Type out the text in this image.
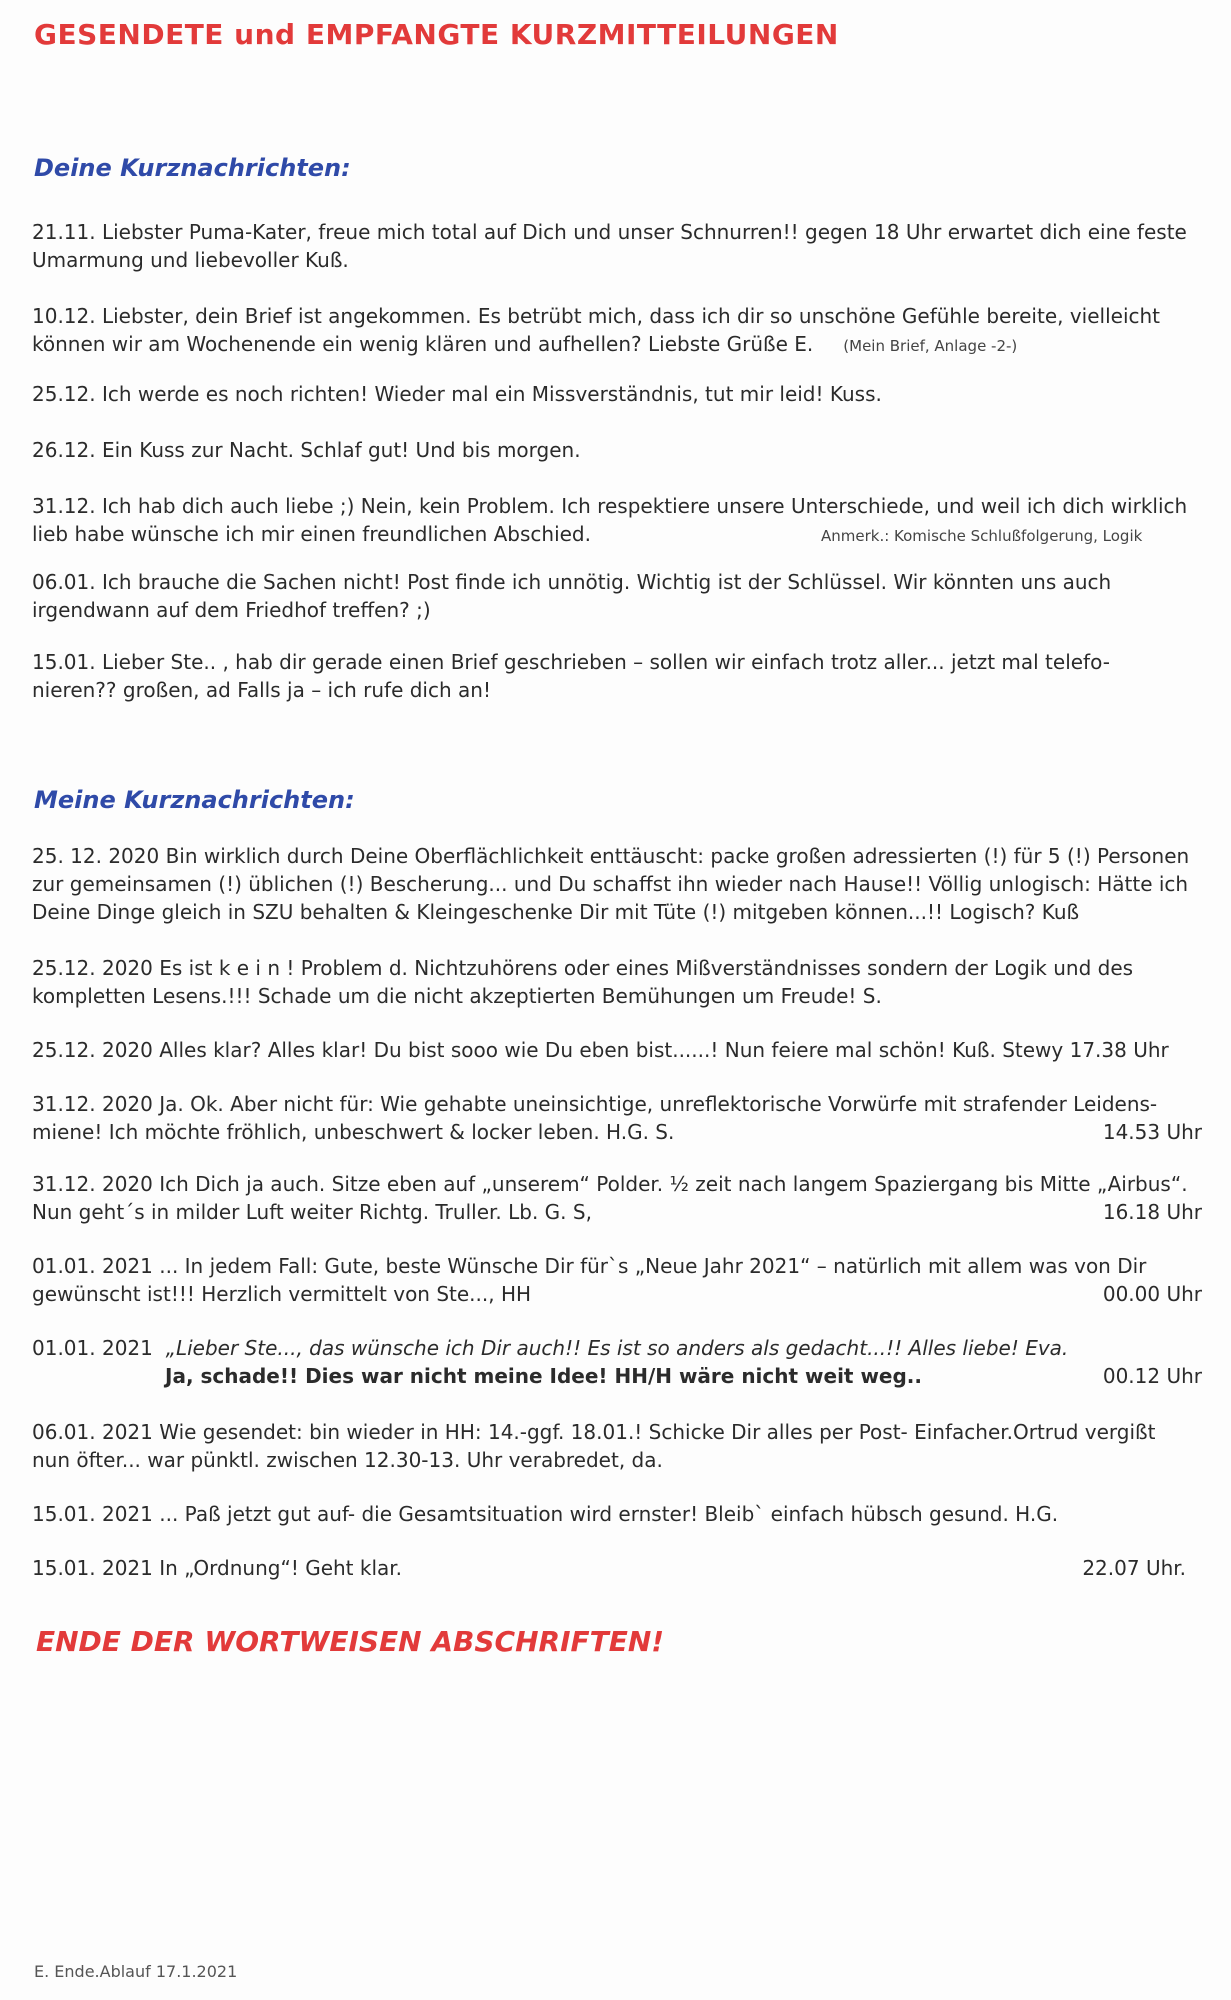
GESENDETE und EMPFANGTE KURZMITTEILUNGEN
Deine Kurznachrichten:
21.11. Liebster Puma-Kater, freue mich total auf Dich und unser Schnurren!! gegen 18 Uhr erwartet dich eine feste
Umarmung und liebevoller Kuß.
10.12. Liebster, dein Brief ist angekommen. Es betrübt mich, dass ich dir so unschöne Gefühle bereite, vielleicht
können wir am Wochenende ein wenig klären und aufhellen? Liebste Grüße E. (Mein Brief, Anlage -2-)
25.12. Ich werde es noch richten! Wieder mal ein Missverständnis, tut mir leid! Kuss.
26.12. Ein Kuss zur Nacht. Schlaf gut! Und bis morgen.
31.12. Ich hab dich auch liebe ;) Nein, kein Problem. Ich respektiere unsere Unterschiede, und weil ich dich wirklich
lieb habe wünsche ich mir einen freundlichen Abschied.	Anmerk.: Komische Schlußfolgerung, Logik
06.01. Ich brauche die Sachen nicht! Post finde ich unnötig. Wichtig ist der Schlüssel. Wir könnten uns auch
irgendwann auf dem Friedhof treffen? ;)
15.01. Lieber Ste.. , hab dir gerade einen Brief geschrieben – sollen wir einfach trotz aller... jetzt mal telefo-
nieren?? großen, ad Falls ja – ich rufe dich an!
Meine Kurznachrichten:
25. 12. 2020 Bin wirklich durch Deine Oberflächlichkeit enttäuscht: packe großen adressierten (!) für 5 (!) Personen
zur gemeinsamen (!) üblichen (!) Bescherung... und Du schaffst ihn wieder nach Hause!! Völlig unlogisch: Hätte ich
Deine Dinge gleich in SZU behalten & Kleingeschenke Dir mit Tüte (!) mitgeben können...!! Logisch? Kuß
25.12. 2020 Es ist k e i n ! Problem d. Nichtzuhörens oder eines Mißverständnisses sondern der Logik und des
kompletten Lesens.!!! Schade um die nicht akzeptierten Bemühungen um Freude! S.
25.12. 2020 Alles klar? Alles klar! Du bist sooo wie Du eben bist......! Nun feiere mal schön! Kuß. Stewy 17.38 Uhr
31.12. 2020 Ja. Ok. Aber nicht für: Wie gehabte uneinsichtige, unreflektorische Vorwürfe mit strafender Leidens-
miene! Ich möchte fröhlich, unbeschwert & locker leben. H.G. S.	14.53 Uhr
31.12. 2020 Ich Dich ja auch. Sitze eben auf „unserem“ Polder. ½ zeit nach langem Spaziergang bis Mitte „Airbus“.
Nun geht´s in milder Luft weiter Richtg. Truller. Lb. G. S,	16.18 Uhr
01.01. 2021 ... In jedem Fall: Gute, beste Wünsche Dir für`s „Neue Jahr 2021“ – natürlich mit allem was von Dir
gewünscht ist!!! Herzlich vermittelt von Ste..., HH	00.00 Uhr
01.01. 2021 „Lieber Ste..., das wünsche ich Dir auch!! Es ist so anders als gedacht...!! Alles liebe! Eva.
Ja, schade!! Dies war nicht meine Idee! HH/H wäre nicht weit weg..	00.12 Uhr
06.01. 2021 Wie gesendet: bin wieder in HH: 14.-ggf. 18.01.! Schicke Dir alles per Post- Einfacher.Ortrud vergißt
nun öfter... war pünktl. zwischen 12.30-13. Uhr verabredet, da.
15.01. 2021 ... Paß jetzt gut auf- die Gesamtsituation wird ernster! Bleib` einfach hübsch gesund. H.G.
15.01. 2021 In „Ordnung“! Geht klar.	22.07 Uhr.

ENDE DER WORTWEISEN ABSCHRIFTEN!

E. Ende.Ablauf 17.1.2021
